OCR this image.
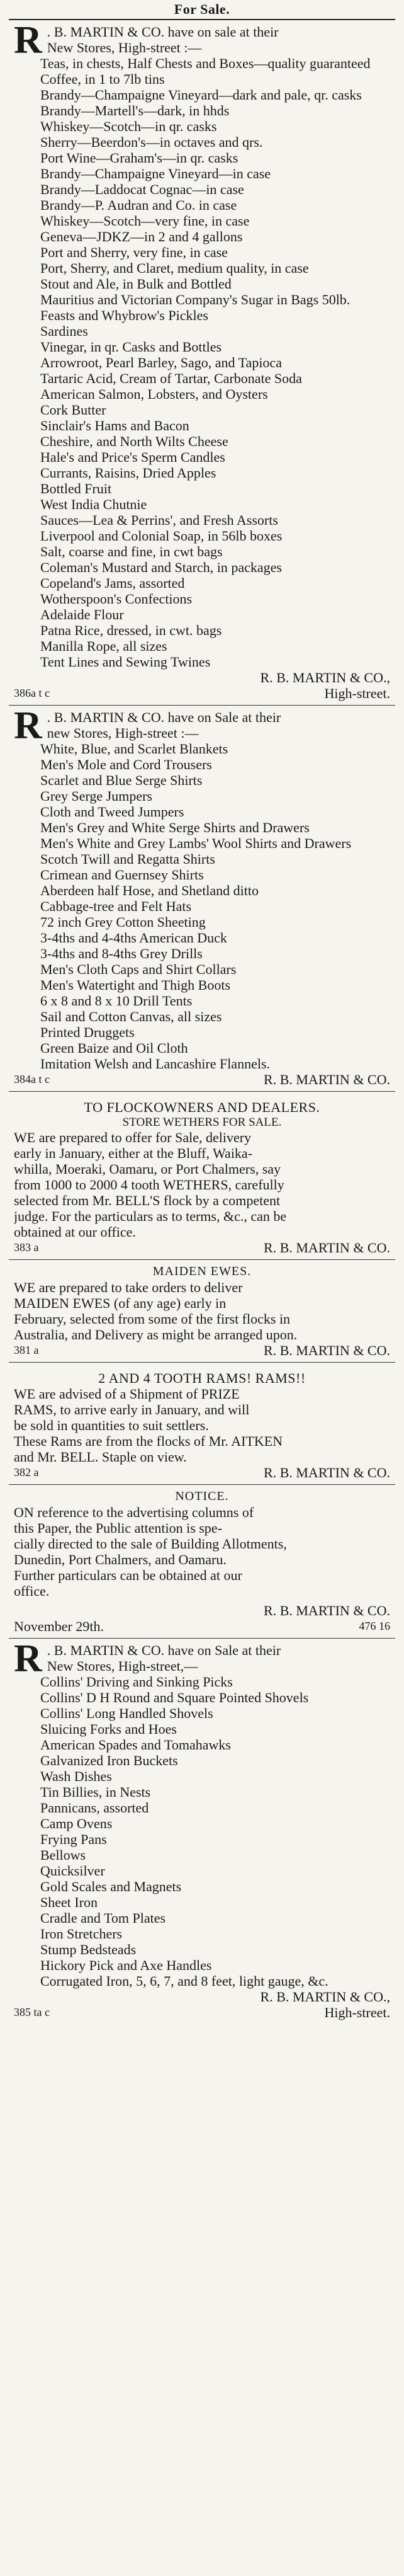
For Sale.
R . B. MARTIN & CO. have on sale at their
New Stores, High-street :—
Teas, in chests, Half Chests and Boxes—quality guaranteed
Coffee, in 1 to 7lb tins
Brandy—Champaigne Vineyard—dark and pale, qr. casks
Brandy—Martell's—dark, in hhds
Whiskey—Scotch—in qr. casks
Sherry—Beerdon's—in octaves and qrs.
Port Wine—Graham's—in qr. casks
Brandy—Champaigne Vineyard—in case
Brandy—Laddocat Cognac—in case
Brandy—P. Audran and Co. in case
Whiskey—Scotch—very fine, in case
Geneva—JDKZ—in 2 and 4 gallons
Port and Sherry, very fine, in case
Port, Sherry, and Claret, medium quality, in case
Stout and Ale, in Bulk and Bottled
Mauritius and Victorian Company's Sugar in Bags 50lb.
Feasts and Whybrow's Pickles
Sardines
Vinegar, in qr. Casks and Bottles
Arrowroot, Pearl Barley, Sago, and Tapioca
Tartaric Acid, Cream of Tartar, Carbonate Soda
American Salmon, Lobsters, and Oysters
Cork Butter
Sinclair's Hams and Bacon
Cheshire, and North Wilts Cheese
Hale's and Price's Sperm Candles
Currants, Raisins, Dried Apples
Bottled Fruit
West India Chutnie
Sauces—Lea & Perrins', and Fresh Assorts
Liverpool and Colonial Soap, in 56lb boxes
Salt, coarse and fine, in cwt bags
Coleman's Mustard and Starch, in packages
Copeland's Jams, assorted
Wotherspoon's Confections
Adelaide Flour
Patna Rice, dressed, in cwt. bags
Manilla Rope, all sizes
Tent Lines and Sewing Twines
R. B. MARTIN & CO.,
386a t c	High-street.
R . B. MARTIN & CO. have on Sale at their
new Stores, High-street :—
White, Blue, and Scarlet Blankets
Men's Mole and Cord Trousers
Scarlet and Blue Serge Shirts
Grey Serge Jumpers
Cloth and Tweed Jumpers
Men's Grey and White Serge Shirts and Drawers
Men's White and Grey Lambs' Wool Shirts and Drawers
Scotch Twill and Regatta Shirts
Crimean and Guernsey Shirts
Aberdeen half Hose, and Shetland ditto
Cabbage-tree and Felt Hats
72 inch Grey Cotton Sheeting
3-4ths and 4-4ths American Duck
3-4ths and 8-4ths Grey Drills
Men's Cloth Caps and Shirt Collars
Men's Watertight and Thigh Boots
6 x 8 and 8 x 10 Drill Tents
Sail and Cotton Canvas, all sizes
Printed Druggets
Green Baize and Oil Cloth
Imitation Welsh and Lancashire Flannels.
384a t c	R. B. MARTIN & CO.
TO FLOCKOWNERS AND DEALERS.
STORE WETHERS FOR SALE.
WE are prepared to offer for Sale, delivery
early in January, either at the Bluff, Waika-
whilla, Moeraki, Oamaru, or Port Chalmers, say
from 1000 to 2000 4 tooth WETHERS, carefully
selected from Mr. BELL'S flock by a competent
judge. For the particulars as to terms, &c., can be
obtained at our office.
383 a	R. B. MARTIN & CO.
MAIDEN EWES.
WE are prepared to take orders to deliver
MAIDEN EWES (of any age) early in
February, selected from some of the first flocks in
Australia, and Delivery as might be arranged upon.
381 a	R. B. MARTIN & CO.
2 AND 4 TOOTH RAMS! RAMS!!
WE are advised of a Shipment of PRIZE
RAMS, to arrive early in January, and will
be sold in quantities to suit settlers.
These Rams are from the flocks of Mr. AITKEN
and Mr. BELL. Staple on view.
382 a	R. B. MARTIN & CO.
NOTICE.
ON reference to the advertising columns of
this Paper, the Public attention is spe-
cially directed to the sale of Building Allotments,
Dunedin, Port Chalmers, and Oamaru.
Further particulars can be obtained at our
office.
R. B. MARTIN & CO.
November 29th.	476 16
R . B. MARTIN & CO. have on Sale at their
New Stores, High-street,—
Collins' Driving and Sinking Picks
Collins' D H Round and Square Pointed Shovels
Collins' Long Handled Shovels
Sluicing Forks and Hoes
American Spades and Tomahawks
Galvanized Iron Buckets
Wash Dishes
Tin Billies, in Nests
Pannicans, assorted
Camp Ovens
Frying Pans
Bellows
Quicksilver
Gold Scales and Magnets
Sheet Iron
Cradle and Tom Plates
Iron Stretchers
Stump Bedsteads
Hickory Pick and Axe Handles
Corrugated Iron, 5, 6, 7, and 8 feet, light gauge, &c.
R. B. MARTIN & CO.,
385 ta c	High-street.
